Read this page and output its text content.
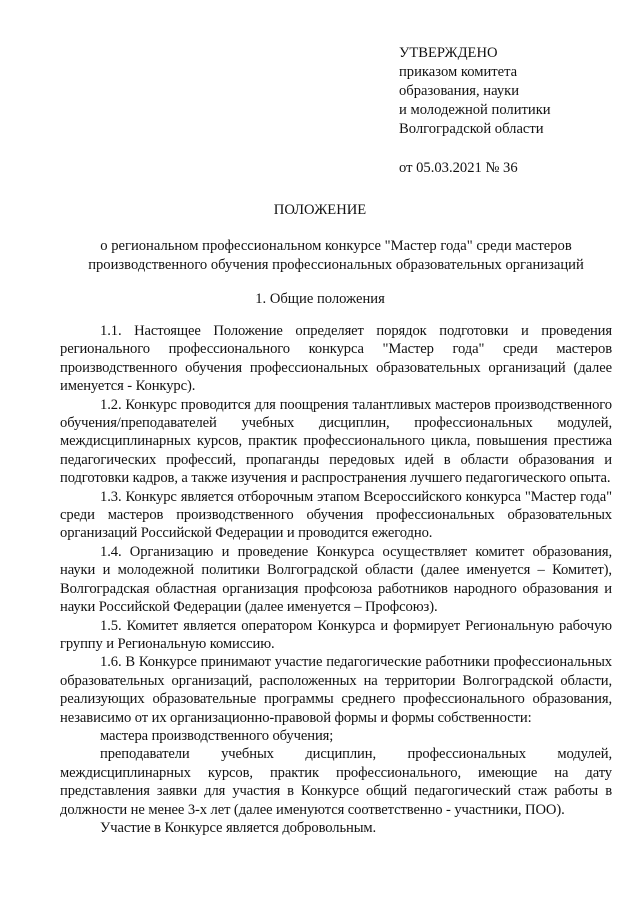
УТВЕРЖДЕНО
приказом комитета
образования, науки
и молодежной политики
Волгоградской области
от 05.03.2021 № 36
ПОЛОЖЕНИЕ
о региональном профессиональном конкурсе "Мастер года" среди мастеров производственного обучения профессиональных образовательных организаций
1. Общие положения

1.1. Настоящее Положение определяет порядок подготовки и проведения регионального профессионального конкурса "Мастер года" среди мастеров производственного обучения профессиональных образовательных организаций (далее именуется - Конкурс).

1.2. Конкурс проводится для поощрения талантливых мастеров производственного обучения/преподавателей учебных дисциплин, профессиональных модулей, междисциплинарных курсов, практик профессионального цикла, повышения престижа педагогических профессий, пропаганды передовых идей в области образования и подготовки кадров, а также изучения и распространения лучшего педагогического опыта.

1.3. Конкурс является отборочным этапом Всероссийского конкурса "Мастер года" среди мастеров производственного обучения профессиональных образовательных организаций Российской Федерации и проводится ежегодно.

1.4. Организацию и проведение Конкурса осуществляет комитет образования, науки и молодежной политики Волгоградской области (далее именуется – Комитет), Волгоградская областная организация профсоюза работников народного образования и науки Российской Федерации (далее именуется – Профсоюз).

1.5. Комитет является оператором Конкурса и формирует Региональную рабочую группу и Региональную комиссию.

1.6. В Конкурсе принимают участие педагогические работники профессиональных образовательных организаций, расположенных на территории Волгоградской области, реализующих образовательные программы среднего профессионального образования, независимо от их организационно-правовой формы и формы собственности:

мастера производственного обучения;

преподаватели учебных дисциплин, профессиональных модулей, междисциплинарных курсов, практик профессионального, имеющие на дату представления заявки для участия в Конкурсе общий педагогический стаж работы в должности не менее 3-х лет (далее именуются соответственно - участники, ПОО).

Участие в Конкурсе является добровольным.
